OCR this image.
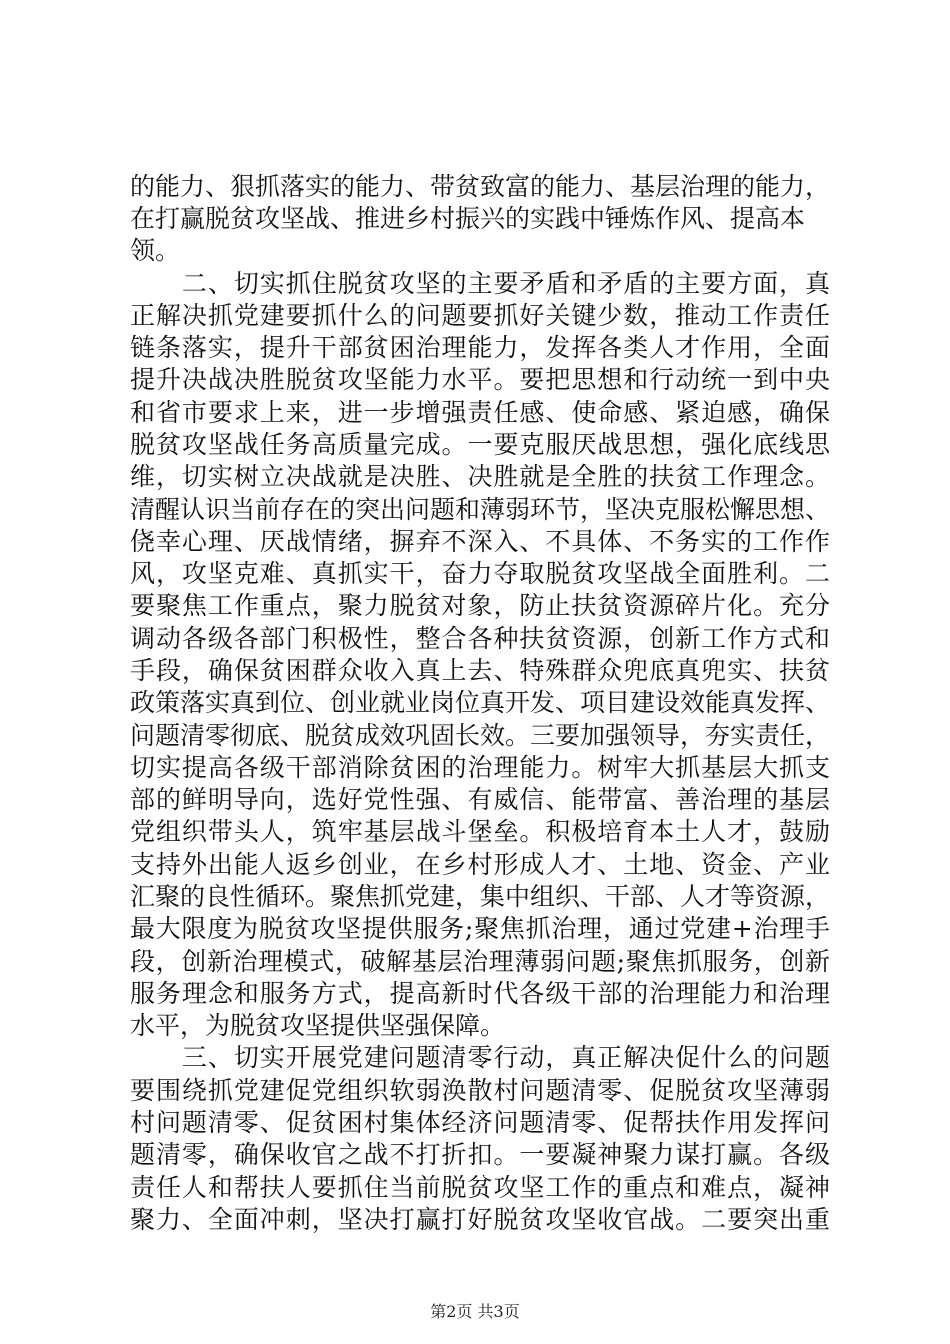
的能力、狠抓落实的能力、带贫致富的能力、基层治理的能力，
在打赢脱贫攻坚战、推进乡村振兴的实践中锤炼作风、提高本
领。
　　二、切实抓住脱贫攻坚的主要矛盾和矛盾的主要方面，真
正解决抓党建要抓什么的问题要抓好关键少数，推动工作责任
链条落实，提升干部贫困治理能力，发挥各类人才作用，全面
提升决战决胜脱贫攻坚能力水平。要把思想和行动统一到中央
和省市要求上来，进一步增强责任感、使命感、紧迫感，确保
脱贫攻坚战任务高质量完成。一要克服厌战思想，强化底线思
维，切实树立决战就是决胜、决胜就是全胜的扶贫工作理念。
清醒认识当前存在的突出问题和薄弱环节，坚决克服松懈思想、
侥幸心理、厌战情绪，摒弃不深入、不具体、不务实的工作作
风，攻坚克难、真抓实干，奋力夺取脱贫攻坚战全面胜利。二
要聚焦工作重点，聚力脱贫对象，防止扶贫资源碎片化。充分
调动各级各部门积极性，整合各种扶贫资源，创新工作方式和
手段，确保贫困群众收入真上去、特殊群众兜底真兜实、扶贫
政策落实真到位、创业就业岗位真开发、项目建设效能真发挥、
问题清零彻底、脱贫成效巩固长效。三要加强领导，夯实责任，
切实提高各级干部消除贫困的治理能力。树牢大抓基层大抓支
部的鲜明导向，选好党性强、有威信、能带富、善治理的基层
党组织带头人，筑牢基层战斗堡垒。积极培育本土人才，鼓励
支持外出能人返乡创业，在乡村形成人才、土地、资金、产业
汇聚的良性循环。聚焦抓党建，集中组织、干部、人才等资源，
最大限度为脱贫攻坚提供服务;聚焦抓治理，通过党建+治理手
段，创新治理模式，破解基层治理薄弱问题;聚焦抓服务，创新
服务理念和服务方式，提高新时代各级干部的治理能力和治理
水平，为脱贫攻坚提供坚强保障。
　　三、切实开展党建问题清零行动，真正解决促什么的问题
要围绕抓党建促党组织软弱涣散村问题清零、促脱贫攻坚薄弱
村问题清零、促贫困村集体经济问题清零、促帮扶作用发挥问
题清零，确保收官之战不打折扣。一要凝神聚力谋打赢。各级
责任人和帮扶人要抓住当前脱贫攻坚工作的重点和难点，凝神
聚力、全面冲刺，坚决打赢打好脱贫攻坚收官战。二要突出重
第2页 共3页
